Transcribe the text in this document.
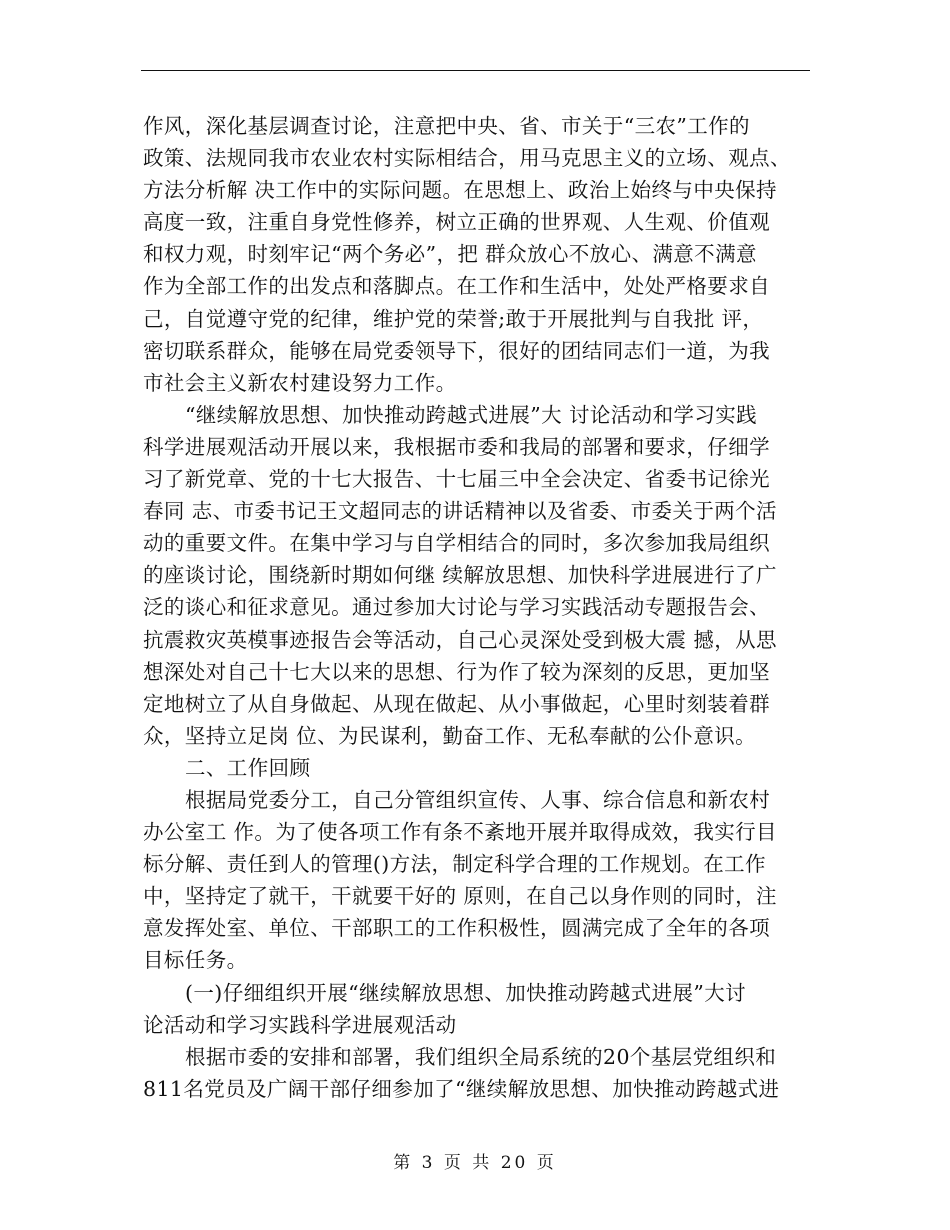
作风，深化基层调查讨论，注意把中央、省、市关于“三农”工作的
政策、法规同我市农业农村实际相结合，用马克思主义的立场、观点、
方法分析解 决工作中的实际问题。在思想上、政治上始终与中央保持
高度一致，注重自身党性修养，树立正确的世界观、人生观、价值观
和权力观，时刻牢记“两个务必”，把 群众放心不放心、满意不满意
作为全部工作的出发点和落脚点。在工作和生活中，处处严格要求自
己，自觉遵守党的纪律，维护党的荣誉;敢于开展批判与自我批 评，
密切联系群众，能够在局党委领导下，很好的团结同志们一道，为我
市社会主义新农村建设努力工作。
“继续解放思想、加快推动跨越式进展”大 讨论活动和学习实践
科学进展观活动开展以来，我根据市委和我局的部署和要求，仔细学
习了新党章、党的十七大报告、十七届三中全会决定、省委书记徐光
春同 志、市委书记王文超同志的讲话精神以及省委、市委关于两个活
动的重要文件。在集中学习与自学相结合的同时，多次参加我局组织
的座谈讨论，围绕新时期如何继 续解放思想、加快科学进展进行了广
泛的谈心和征求意见。通过参加大讨论与学习实践活动专题报告会、
抗震救灾英模事迹报告会等活动，自己心灵深处受到极大震 撼，从思
想深处对自己十七大以来的思想、行为作了较为深刻的反思，更加坚
定地树立了从自身做起、从现在做起、从小事做起，心里时刻装着群
众，坚持立足岗 位、为民谋利，勤奋工作、无私奉献的公仆意识。
二、工作回顾
根据局党委分工，自己分管组织宣传、人事、综合信息和新农村
办公室工 作。为了使各项工作有条不紊地开展并取得成效，我实行目
标分解、责任到人的管理()方法，制定科学合理的工作规划。在工作
中，坚持定了就干，干就要干好的 原则，在自己以身作则的同时，注
意发挥处室、单位、干部职工的工作积极性，圆满完成了全年的各项
目标任务。
(一)仔细组织开展“继续解放思想、加快推动跨越式进展”大讨
论活动和学习实践科学进展观活动
根据市委的安排和部署，我们组织全局系统的20个基层党组织和
811名党员及广阔干部仔细参加了“继续解放思想、加快推动跨越式进
第 3 页 共 20 页
